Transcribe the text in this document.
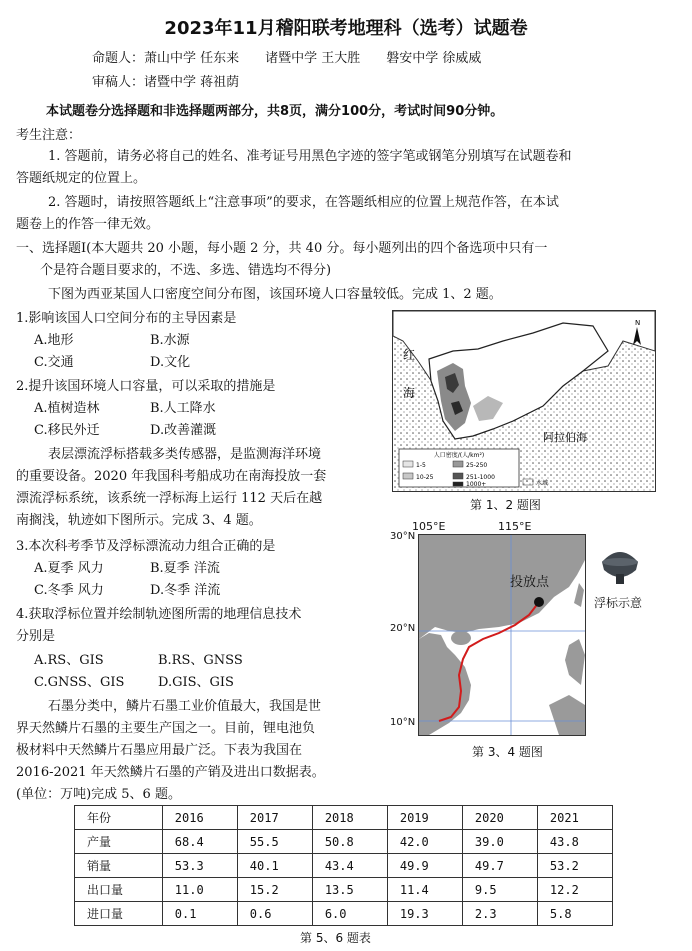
2023年11月稽阳联考地理科（选考）试题卷
命题人：萧山中学 任东来　　诸暨中学 王大胜　　磐安中学 徐威威
审稿人：诸暨中学 蒋祖荫
本试题卷分选择题和非选择题两部分，共8页，满分100分，考试时间90分钟。
考生注意：
1. 答题前，请务必将自己的姓名、准考证号用黑色字迹的签字笔或钢笔分别填写在试题卷和
答题纸规定的位置上。
2. 答题时，请按照答题纸上“注意事项”的要求，在答题纸相应的位置上规范作答，在本试
题卷上的作答一律无效。
一、选择题Ⅰ(本大题共 20 小题，每小题 2 分，共 40 分。每小题列出的四个备选项中只有一
个是符合题目要求的，不选、多选、错选均不得分)
下图为西亚某国人口密度空间分布图，该国环境人口容量较低。完成 1、2 题。
1.影响该国人口空间分布的主导因素是
A.地形	B.水源
C.交通	D.文化
2.提升该国环境人口容量，可以采取的措施是
A.植树造林	B.人工降水
C.移民外迁	D.改善灌溉
表层漂流浮标搭载多类传感器，是监测海洋环境
的重要设备。2020 年我国科考船成功在南海投放一套
漂流浮标系统，该系统一浮标海上运行 112 天后在越
南搁浅，轨迹如下图所示。完成 3、4 题。
3.本次科考季节及浮标漂流动力组合正确的是
A.夏季 风力	B.夏季 洋流
C.冬季 风力	D.冬季 洋流
4.获取浮标位置并绘制轨迹图所需的地理信息技术
分别是
A.RS、GIS	B.RS、GNSS
C.GNSS、GIS	D.GIS、GIS
石墨分类中，鳞片石墨工业价值最大，我国是世
界天然鳞片石墨的主要生产国之一。目前，锂电池负
极材料中天然鳞片石墨应用最广泛。下表为我国在
2016-2021 年天然鳞片石墨的产销及进出口数据表。
(单位：万吨)完成 5、6 题。
人口密度/(人/km²)
1-5
10-25
25-250
251-1000
1000+	水域
红
海
阿拉伯海
N
第 1、2 题图
105°E	115°E
30°N
20°N
10°N
投放点
浮标示意
第 3、4 题图
年份	2016	2017	2018	2019	2020	2021
产量	68.4	55.5	50.8	42.0	39.0	43.8
销量	53.3	40.1	43.4	49.9	49.7	53.2
出口量	11.0	15.2	13.5	11.4	9.5	12.2
进口量	0.1	0.6	6.0	19.3	2.3	5.8
第 5、6 题表
